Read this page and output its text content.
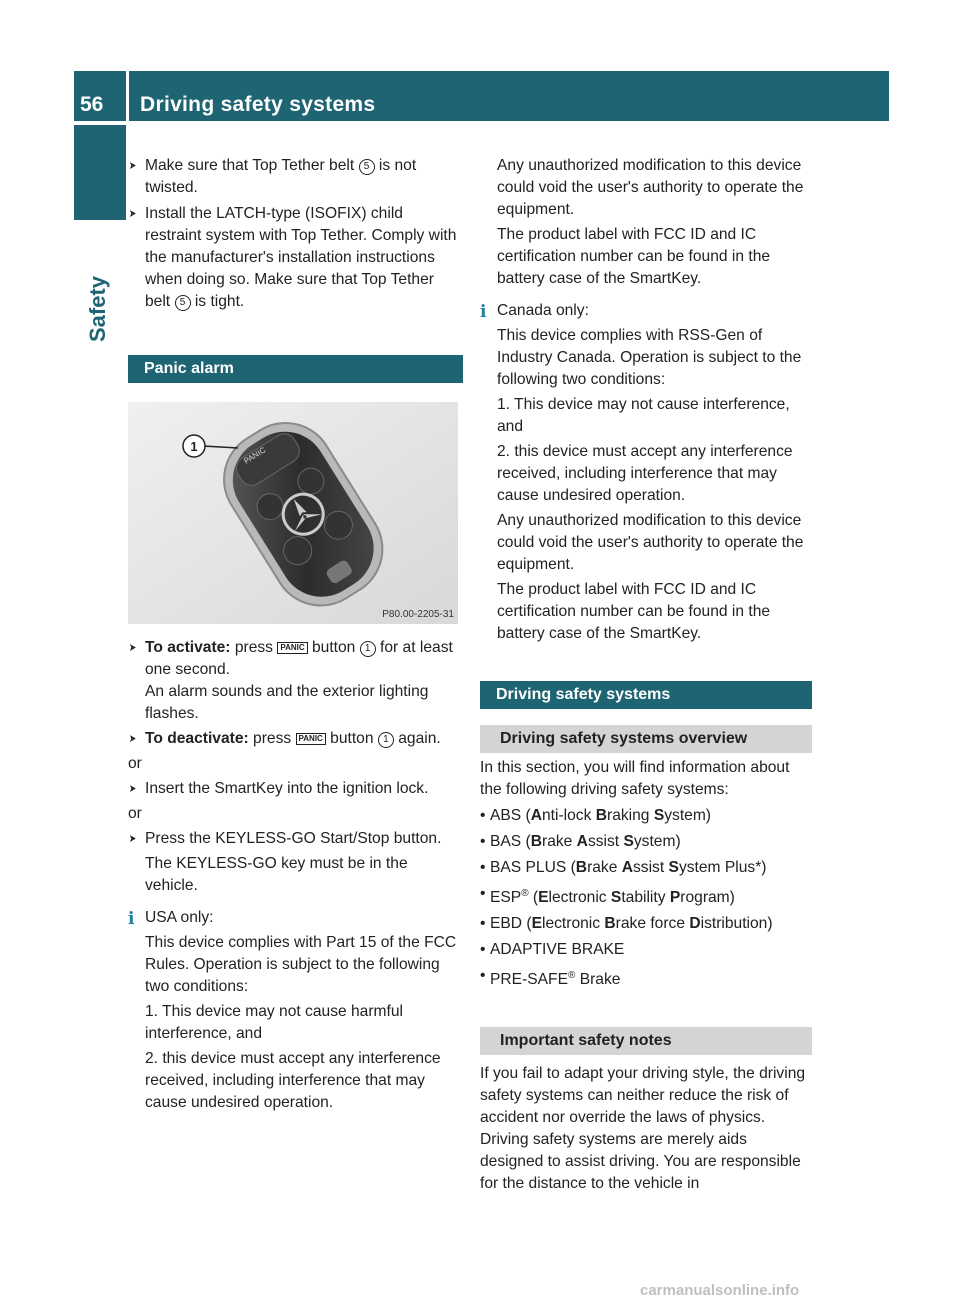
56	Driving safety systems
Safety

➤ Make sure that Top Tether belt 5 is not twisted.

➤ Install the LATCH-type (ISOFIX) child restraint system with Top Tether. Comply with the manufacturer's installation instructions when doing so. Make sure that Top Tether belt 5 is tight.

Panic alarm
PANIC
1
P80.00-2205-31

➤ To activate: press PANIC button 1 for at least one second.

An alarm sounds and the exterior lighting flashes.

➤ To deactivate: press PANIC button 1 again.

or

➤ Insert the SmartKey into the ignition lock.

or

➤ Press the KEYLESS-GO Start/Stop button.

The KEYLESS-GO key must be in the vehicle.

i USA only:

This device complies with Part 15 of the FCC Rules. Operation is subject to the following two conditions:

1. This device may not cause harmful interference, and

2. this device must accept any interference received, including interference that may cause undesired operation.

Any unauthorized modification to this device could void the user's authority to operate the equipment.

The product label with FCC ID and IC certification number can be found in the battery case of the SmartKey.

i Canada only:

This device complies with RSS-Gen of Industry Canada. Operation is subject to the following two conditions:

1. This device may not cause interference, and

2. this device must accept any interference received, including interference that may cause undesired operation.

Any unauthorized modification to this device could void the user's authority to operate the equipment.

The product label with FCC ID and IC certification number can be found in the battery case of the SmartKey.

Driving safety systems
Driving safety systems overview

In this section, you will find information about the following driving safety systems:

• ABS (Anti-lock Braking System)

• BAS (Brake Assist System)

• BAS PLUS (Brake Assist System Plus*)

• ESP® (Electronic Stability Program)

• EBD (Electronic Brake force Distribution)

• ADAPTIVE BRAKE

• PRE-SAFE® Brake

Important safety notes

If you fail to adapt your driving style, the driving safety systems can neither reduce the risk of accident nor override the laws of physics. Driving safety systems are merely aids designed to assist driving. You are responsible for the distance to the vehicle in

carmanualsonline.info
